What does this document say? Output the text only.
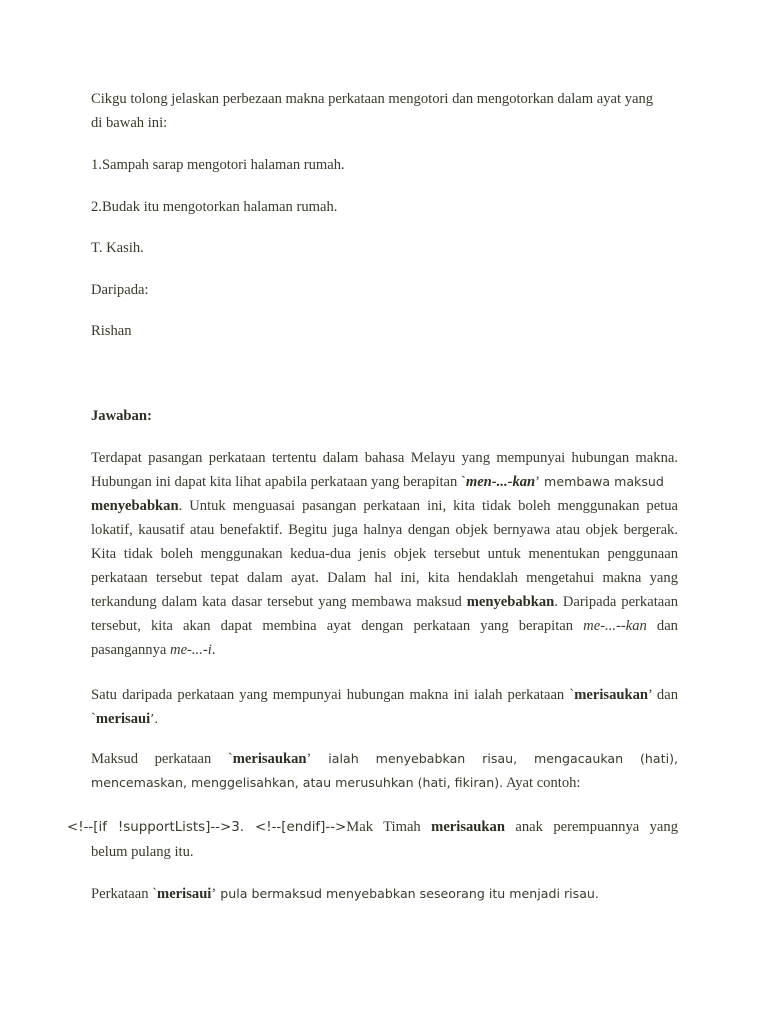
Cikgu tolong jelaskan perbezaan makna perkataan mengotori dan mengotorkan dalam ayat yang
di bawah ini:

1.Sampah sarap mengotori halaman rumah.

2.Budak itu mengotorkan halaman rumah.

T. Kasih.

Daripada:

Rishan

Jawaban:

Terdapat pasangan perkataan tertentu dalam bahasa Melayu yang mempunyai hubungan makna. Hubungan ini dapat kita lihat apabila perkataan yang berapitan `men-...-kan’ membawa maksud
menyebabkan. Untuk menguasai pasangan perkataan ini, kita tidak boleh menggunakan petua lokatif, kausatif atau benefaktif. Begitu juga halnya dengan objek bernyawa atau objek bergerak. Kita tidak boleh menggunakan kedua-dua jenis objek tersebut untuk menentukan penggunaan perkataan tersebut tepat dalam ayat. Dalam hal ini, kita hendaklah mengetahui makna yang terkandung dalam kata dasar tersebut yang membawa maksud menyebabkan. Daripada perkataan tersebut, kita akan dapat membina ayat dengan perkataan yang berapitan me-...--kan dan pasangannya me-...-i.

Satu daripada perkataan yang mempunyai hubungan makna ini ialah perkataan `merisaukan’ dan `merisaui’.

Maksud perkataan `merisaukan’ ialah menyebabkan risau, mengacaukan (hati), mencemaskan, menggelisahkan, atau merusuhkan (hati, fikiran). Ayat contoh:

<!--[if !supportLists]-->3. <!--[endif]-->Mak Timah merisaukan anak perempuannya yang
belum pulang itu.

Perkataan `merisaui’ pula bermaksud menyebabkan seseorang itu menjadi risau.
